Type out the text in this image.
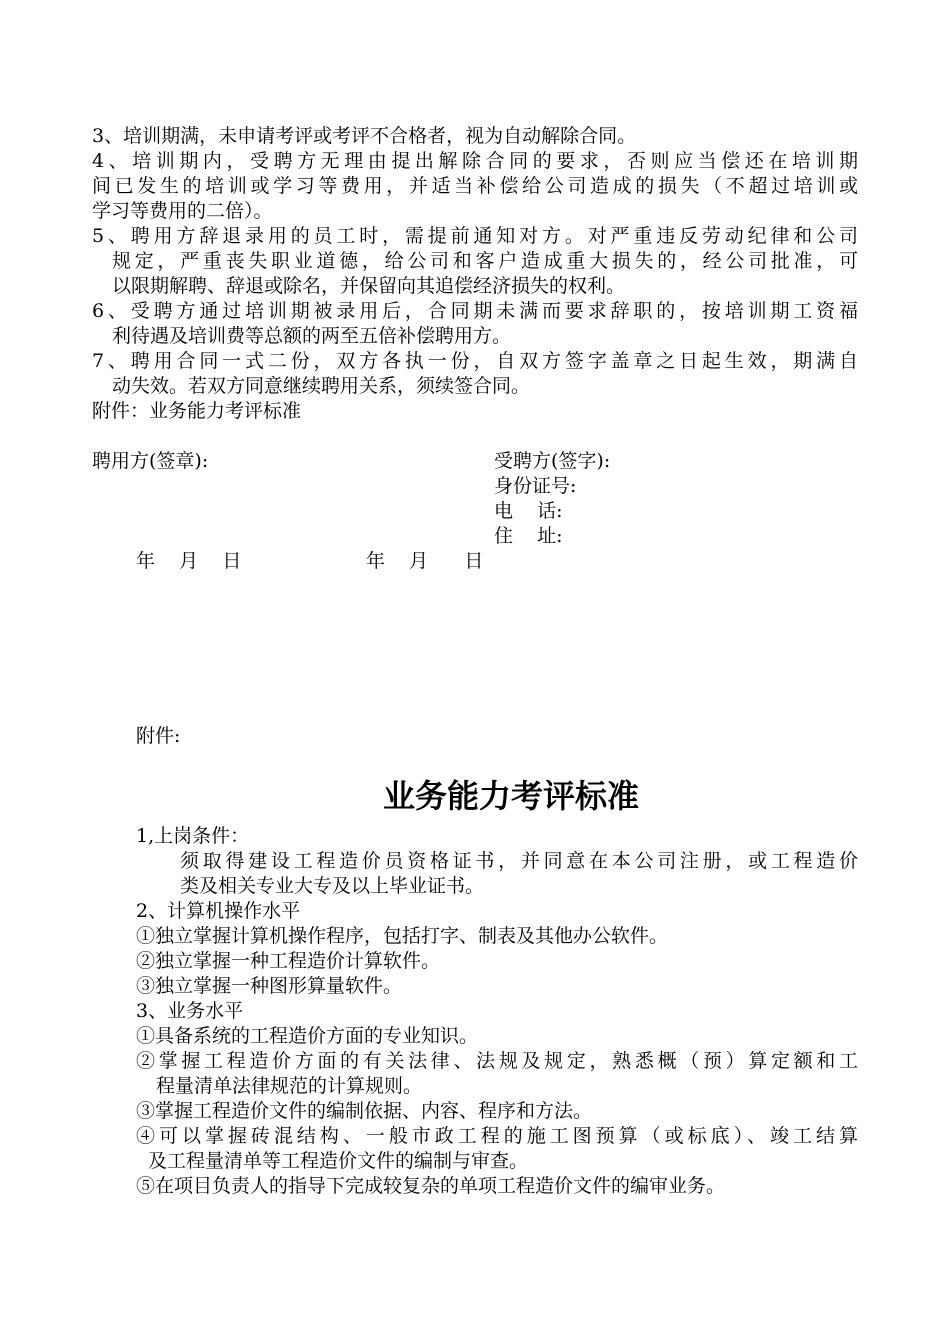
3、培训期满，未申请考评或考评不合格者，视为自动解除合同。
4、培训期内，受聘方无理由提出解除合同的要求，否则应当偿还在培训期
间已发生的培训或学习等费用，并适当补偿给公司造成的损失（不超过培训或
学习等费用的二倍）。
5、聘用方辞退录用的员工时，需提前通知对方。对严重违反劳动纪律和公司
规定，严重丧失职业道德，给公司和客户造成重大损失的，经公司批准，可
以限期解聘、辞退或除名，并保留向其追偿经济损失的权利。
6、受聘方通过培训期被录用后，合同期未满而要求辞职的，按培训期工资福
利待遇及培训费等总额的两至五倍补偿聘用方。
7、聘用合同一式二份，双方各执一份，自双方签字盖章之日起生效，期满自
动失效。若双方同意继续聘用关系，须续签合同。
附件：业务能力考评标准
聘用方(签章):	受聘方(签字):
身份证号:
电    话:
住    址:
年    月    日	年    月      日
附件:
业务能力考评标准
1,上岗条件：
须取得建设工程造价员资格证书，并同意在本公司注册，或工程造价
类及相关专业大专及以上毕业证书。
2、计算机操作水平
①独立掌握计算机操作程序，包括打字、制表及其他办公软件。
②独立掌握一种工程造价计算软件。
③独立掌握一种图形算量软件。
3、业务水平
①具备系统的工程造价方面的专业知识。
②掌握工程造价方面的有关法律、法规及规定，熟悉概（预）算定额和工
程量清单法律规范的计算规则。
③掌握工程造价文件的编制依据、内容、程序和方法。
④可以掌握砖混结构、一般市政工程的施工图预算（或标底）、竣工结算
及工程量清单等工程造价文件的编制与审查。
⑤在项目负责人的指导下完成较复杂的单项工程造价文件的编审业务。
